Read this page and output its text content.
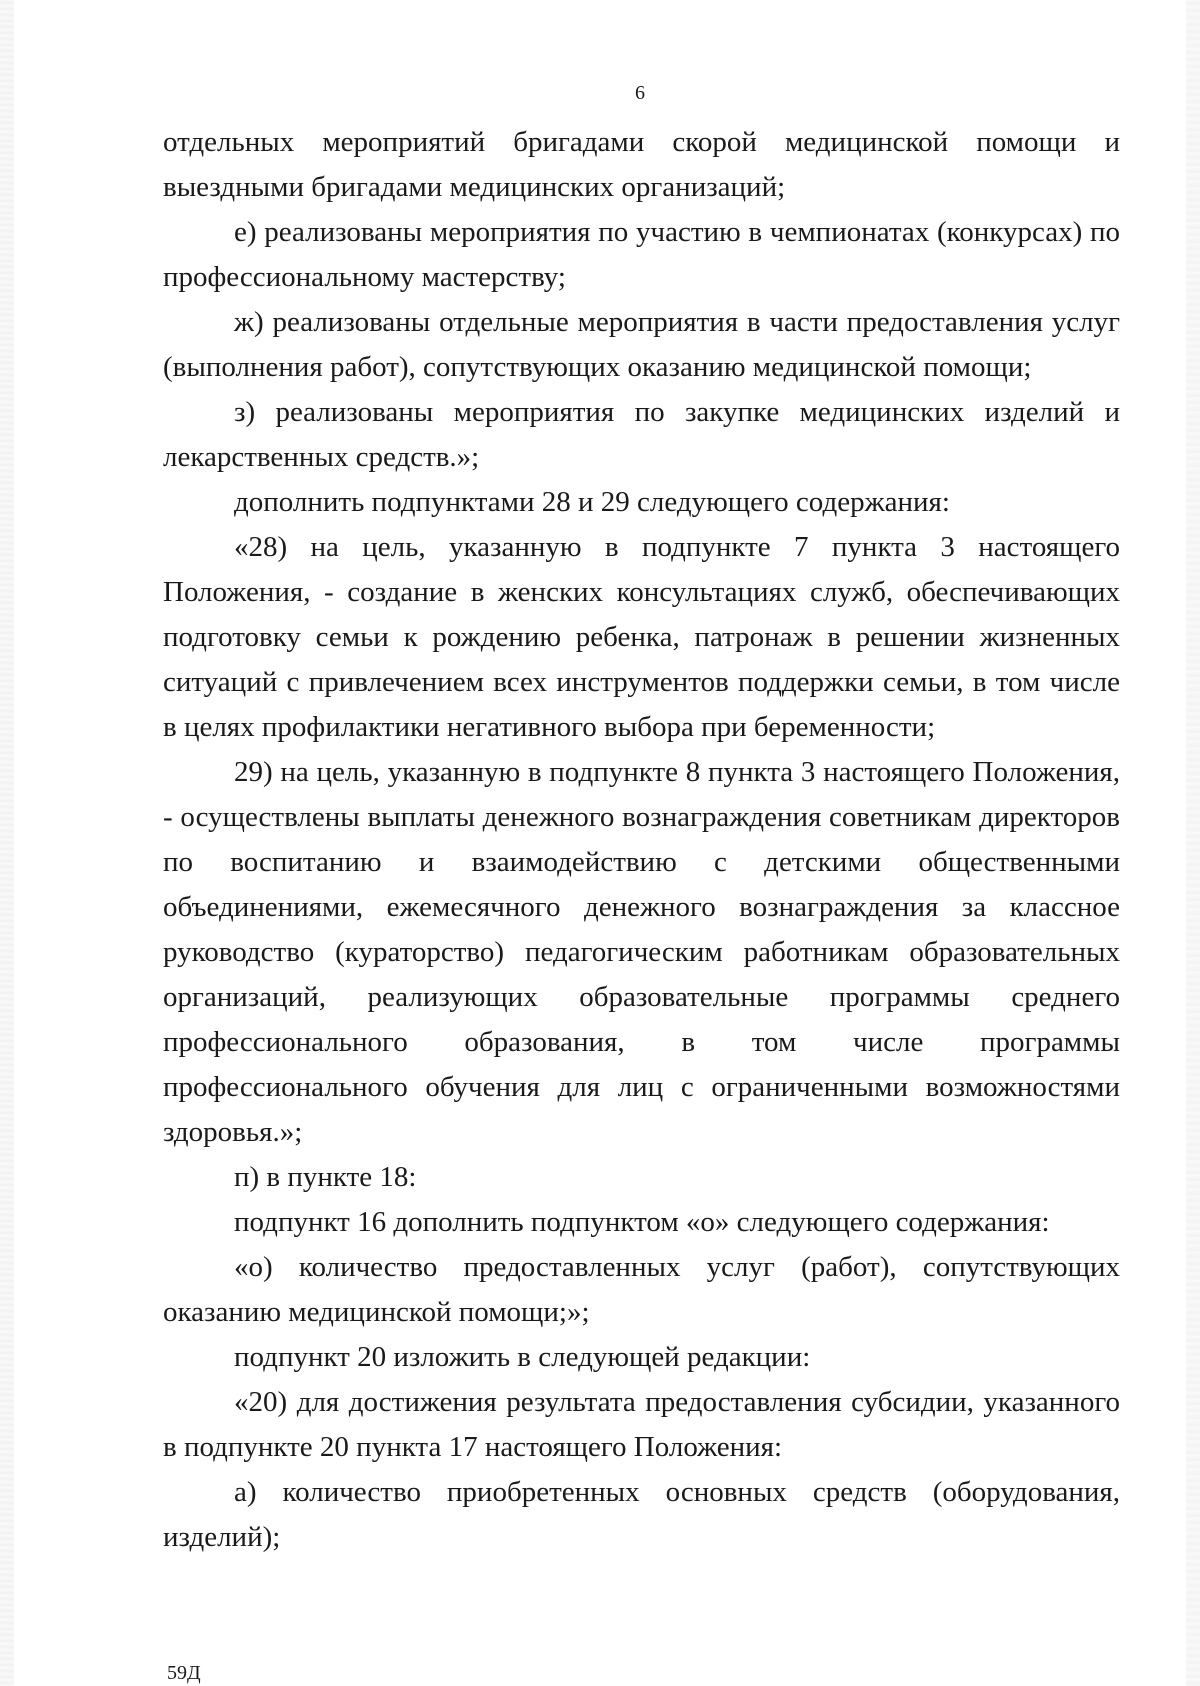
6

отдельных мероприятий бригадами скорой медицинской помощи и выездными бригадами медицинских организаций;

е) реализованы мероприятия по участию в чемпионатах (конкурсах) по профессиональному мастерству;

ж) реализованы отдельные мероприятия в части предоставления услуг (выполнения работ), сопутствующих оказанию медицинской помощи;

з) реализованы мероприятия по закупке медицинских изделий и лекарственных средств.»;

дополнить подпунктами 28 и 29 следующего содержания:

«28) на цель, указанную в подпункте 7 пункта 3 настоящего Положения, - создание в женских консультациях служб, обеспечивающих подготовку семьи к рождению ребенка, патронаж в решении жизненных ситуаций с привлечением всех инструментов поддержки семьи, в том числе в целях профилактики негативного выбора при беременности;

29) на цель, указанную в подпункте 8 пункта 3 настоящего Положения, - осуществлены выплаты денежного вознаграждения советникам директоров по воспитанию и взаимодействию с детскими общественными объединениями, ежемесячного денежного вознаграждения за классное руководство (кураторство) педагогическим работникам образовательных организаций, реализующих образовательные программы среднего профессионального образования, в том числе программы профессионального обучения для лиц с ограниченными возможностями здоровья.»;

п) в пункте 18:

подпункт 16 дополнить подпунктом «о» следующего содержания:

«о) количество предоставленных услуг (работ), сопутствующих оказанию медицинской помощи;»;

подпункт 20 изложить в следующей редакции:

«20) для достижения результата предоставления субсидии, указанного в подпункте 20 пункта 17 настоящего Положения:

а) количество приобретенных основных средств (оборудования, изделий);

59Д
